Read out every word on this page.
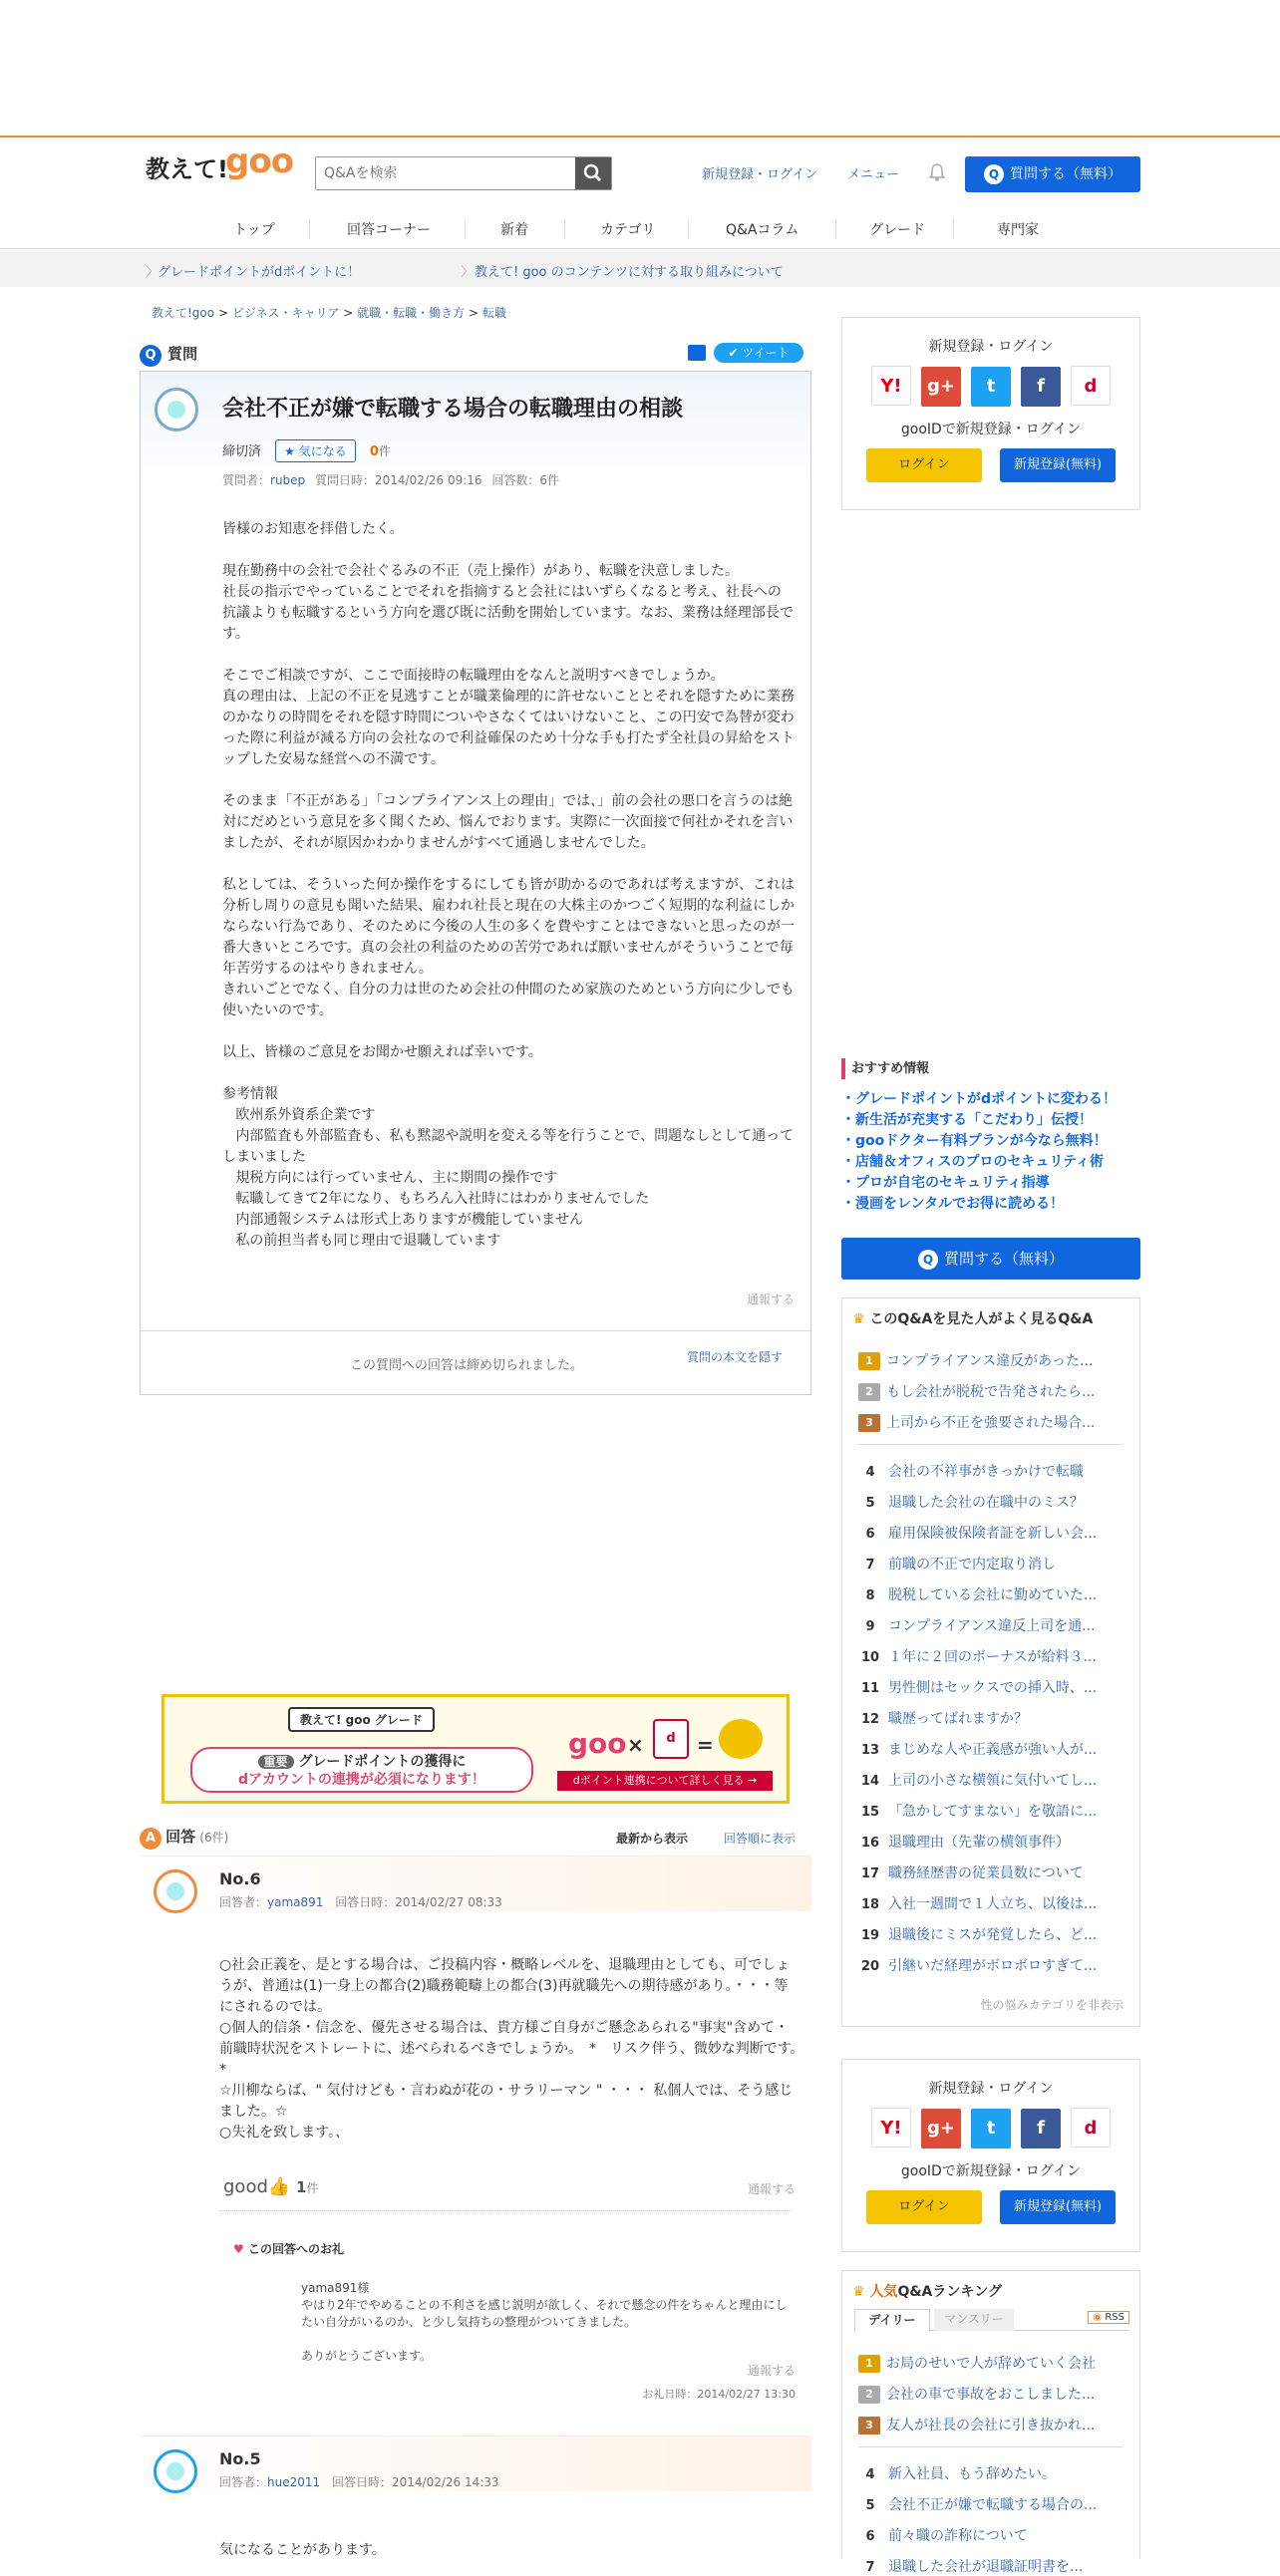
教えて!
goo
Q&Aを検索	新規登録・ログイン メニュー	Q 質問する（無料）
トップ	回答コーナー	新着	カテゴリ	Q&Aコラム	グレード	専門家
〉
グレードポイントがdポイントに！	〉 教えて! goo のコンテンツに対する取り組みについて
教えて!goo > ビジネス・キャリア > 就職・転職・働き方 > 転職
Q 質問	✔ ツイート
会社不正が嫌で転職する場合の転職理由の相談
締切済 ★ 気になる 0件
質問者：rubep 質問日時：2014/02/26 09:16 回答数：6件
皆様のお知恵を拝借したく。

現在勤務中の会社で会社ぐるみの不正（売上操作）があり、転職を決意しました。
社長の指示でやっていることでそれを指摘すると会社にはいずらくなると考え、社長への抗議よりも転職するという方向を選び既に活動を開始しています。なお、業務は経理部長です。

そこでご相談ですが、ここで面接時の転職理由をなんと説明すべきでしょうか。
真の理由は、上記の不正を見逃すことが職業倫理的に許せないこととそれを隠すために業務のかなりの時間をそれを隠す時間についやさなくてはいけないこと、この円安で為替が変わった際に利益が減る方向の会社なので利益確保のため十分な手も打たず全社員の昇給をストップした安易な経営への不満です。

そのまま「不正がある」「コンプライアンス上の理由」では、」前の会社の悪口を言うのは絶対にだめという意見を多く聞くため、悩んでおります。実際に一次面接で何社かそれを言いましたが、それが原因かわかりませんがすべて通過しませんでした。

私としては、そういった何か操作をするにしても皆が助かるのであれば考えますが、これは分析し周りの意見も聞いた結果、雇われ社長と現在の大株主のかつごく短期的な利益にしかならない行為であり、そのために今後の人生の多くを費やすことはできないと思ったのが一番大きいところです。真の会社の利益のための苦労であれば厭いませんがそういうことで毎年苦労するのはやりきれません。
きれいごとでなく、自分の力は世のため会社の仲間のため家族のためという方向に少しでも使いたいのです。

以上、皆様のご意見をお聞かせ願えれば幸いです。

参考情報
欧州系外資系企業です
内部監査も外部監査も、私も黙認や説明を変える等を行うことで、問題なしとして通ってしまいました
規税方向には行っていません、主に期間の操作です
転職してきて2年になり、もちろん入社時にはわかりませんでした
内部通報システムは形式上ありますが機能していません
私の前担当者も同じ理由で退職しています
通報する
この質問への回答は締め切られました。
質問の本文を隠す
新規登録・ログイン
Y! g+ t f d
gooIDで新規登録・ログイン
ログイン	新規登録(無料)
おすすめ情報
・グレードポイントがdポイントに変わる！
・新生活が充実する「こだわり」伝授！
・gooドクター有料プランが今なら無料！
・店舗＆オフィスのプロのセキュリティ術
・プロが自宅のセキュリティ指導
・漫画をレンタルでお得に読める！
Q 質問する（無料）
♛ このQ&Aを見た人がよく見るQ&A
1 コンプライアンス違反があった...
2 もし会社が脱税で告発されたら...
3 上司から不正を強要された場合...
4 会社の不祥事がきっかけで転職
5 退職した会社の在職中のミス？
6 雇用保険被保険者証を新しい会...
7 前職の不正で内定取り消し
8 脱税している会社に勤めていた...
9 コンプライアンス違反上司を通...
10 １年に２回のボーナスが給料３...
11 男性側はセックスでの挿入時、...
12 職歴ってばれますか？
13 まじめな人や正義感が強い人が...
14 上司の小さな横領に気付いてし...
15 「急かしてすまない」を敬語に...
16 退職理由（先輩の横領事件）
17 職務経歴書の従業員数について
18 入社一週間で１人立ち、以後は...
19 退職後にミスが発覚したら、ど...
20 引継いだ経理がボロボロすぎて...
性の悩みカテゴリを非表示
教えて! goo グレード
重要 グレードポイントの獲得に
dアカウントの連携が必須になります！
goo ×	d	=
dポイント連携について詳しく見る →
A 回答 (6件)	最新から表示	回答順に表示
No.6
回答者：yama891 回答日時：2014/02/27 08:33
○社会正義を、是とする場合は、ご投稿内容・概略レベルを、退職理由としても、可でしょうが、普通は(1)一身上の都合(2)職務範疇上の都合(3)再就職先への期待感があり。・・・等にされるのでは。
○個人的信条・信念を、優先させる場合は、貴方様ご自身がご懸念あられる"事実"含めて・前職時状況をストレートに、述べられるべきでしょうか。　*　リスク伴う、微妙な判断です。　*
☆川柳ならば、" 気付けども・言わぬが花の・サラリーマン " ・・・ 私個人では、そう感じました。☆
○失礼を致します。、
good👍 1件	通報する
♥ この回答へのお礼
yama891様
やはり2年でやめることの不利さを感じ説明が欲しく、それで懸念の件をちゃんと理由にしたい自分がいるのか、と少し気持ちの整理がついてきました。

ありがとうございます。
通報する
お礼日時：2014/02/27 13:30
No.5
回答者：hue2011 回答日時：2014/02/26 14:33
気になることがあります。
新規登録・ログイン
Y! g+ t f d
gooIDで新規登録・ログイン
ログイン	新規登録(無料)
♛ 人気Q&Aランキング
デイリー	マンスリー	◉ RSS
1 お局のせいで人が辞めていく会社
2 会社の車で事故をおこしました...
3 友人が社長の会社に引き抜かれ...
4 新入社員、もう辞めたい。
5 会社不正が嫌で転職する場合の...
6 前々職の詐称について
7 退職した会社が退職証明書を...
